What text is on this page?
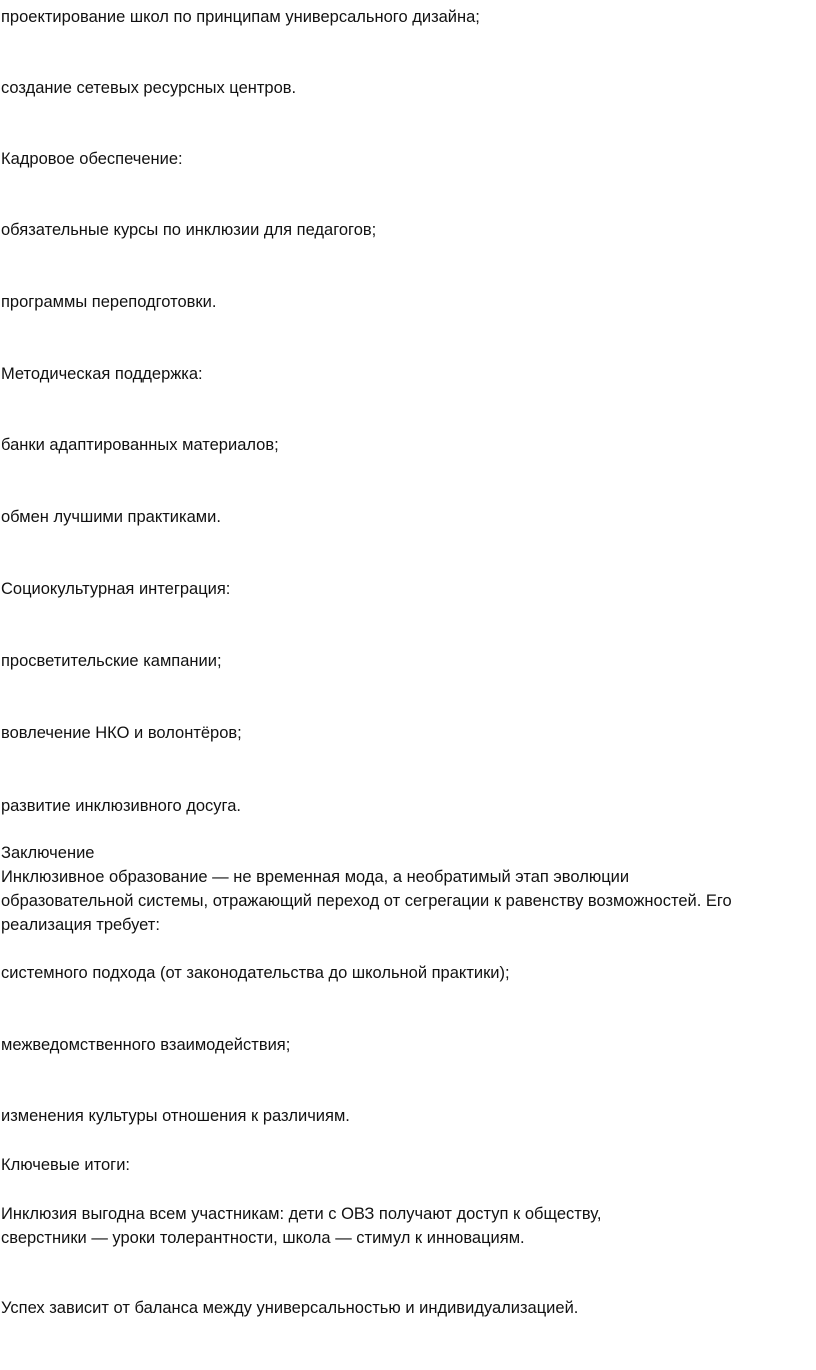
проектирование школ по принципам универсального дизайна;

создание сетевых ресурсных центров.

Кадровое обеспечение:

обязательные курсы по инклюзии для педагогов;

программы переподготовки.

Методическая поддержка:

банки адаптированных материалов;

обмен лучшими практиками.

Социокультурная интеграция:

просветительские кампании;

вовлечение НКО и волонтёров;

развитие инклюзивного досуга.

Заключение
Инклюзивное образование — не временная мода, а необратимый этап эволюции
образовательной системы, отражающий переход от сегрегации к равенству возможностей. Его
реализация требует:

системного подхода (от законодательства до школьной практики);

межведомственного взаимодействия;

изменения культуры отношения к различиям.

Ключевые итоги:

Инклюзия выгодна всем участникам: дети с ОВЗ получают доступ к обществу,
сверстники — уроки толерантности, школа — стимул к инновациям.

Успех зависит от баланса между универсальностью и индивидуализацией.
